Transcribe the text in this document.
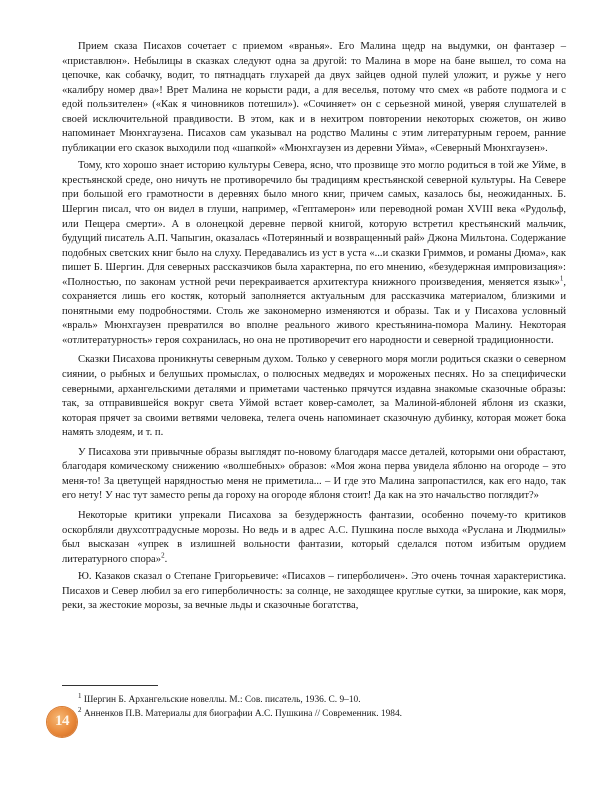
Прием сказа Писахов сочетает с приемом «вранья». Его Малина щедр на выдумки, он фантазер – «приставлюн». Небылицы в сказках следуют одна за другой: то Малина в море на бане вышел, то сома на цепочке, как собачку, водит, то пятнадцать глухарей да двух зайцев одной пулей уложит, и ружье у него «калибру номер два»! Врет Малина не корысти ради, а для веселья, потому что смех «в работе подмога и с едой пользителен» («Как я чиновников потешил»). «Сочиняет» он с серьезной миной, уверяя слушателей в своей исключительной правдивости. В этом, как и в нехитром повторении некоторых сюжетов, он живо напоминает Мюнхгаузена. Писахов сам указывал на родство Малины с этим литературным героем, ранние публикации его сказок выходили под «шапкой» «Мюнхгаузен из деревни Уйма», «Северный Мюнхгаузен».

Тому, кто хорошо знает историю культуры Севера, ясно, что прозвище это могло родиться в той же Уйме, в крестьянской среде, оно ничуть не противоречило бы традициям крестьянской северной культуры. На Севере при большой его грамотности в деревнях было много книг, причем самых, казалось бы, неожиданных. Б. Шергин писал, что он видел в глуши, например, «Гептамерон» или переводной роман XVIII века «Рудольф, или Пещера смерти». А в олонецкой деревне первой книгой, которую встретил крестьянский мальчик, будущий писатель А.П. Чапыгин, оказалась «Потерянный и возвращенный рай» Джона Мильтона. Содержание подобных светских книг было на слуху. Передавались из уст в уста «...и сказки Гриммов, и романы Дюма», как пишет Б. Шергин. Для северных рассказчиков была характерна, по его мнению, «безудержная импровизация»: «Полностью, по законам устной речи перекраивается архитектура книжного произведения, меняется язык»$^1$, сохраняется лишь его костяк, который заполняется актуальным для рассказчика материалом, близкими и понятными ему подробностями. Столь же закономерно изменяются и образы. Так и у Писахова условный «враль» Мюнхгаузен превратился во вполне реального живого крестьянина-помора Малину. Некоторая «отлитературность» героя сохранилась, но она не противоречит его народности и северной традиционности.

Сказки Писахова проникнуты северным духом. Только у северного моря могли родиться сказки о северном сиянии, о рыбных и белушьих промыслах, о полюсных медведях и мороженых песнях. Но за специфически северными, архангельскими деталями и приметами частенько прячутся издавна знакомые сказочные образы: так, за отправившейся вокруг света Уймой встает ковер-самолет, за Малиной-яблоней яблоня из сказки, которая прячет за своими ветвями человека, телега очень напоминает сказочную дубинку, которая может бока намять злодеям, и т. п.

У Писахова эти привычные образы выглядят по-новому благодаря массе деталей, которыми они обрастают, благодаря комическому снижению «волшебных» образов: «Моя жона перва увидела яблоню на огороде – это меня-то! За цветущей нарядностью меня не приметила... – И где это Малина запропастился, как его надо, так его нету! У нас тут заместо репы да гороху на огороде яблоня стоит! Да как на это начальство поглядит?»

Некоторые критики упрекали Писахова за безудержность фантазии, особенно почему-то критиков оскорбляли двухсотградусные морозы. Но ведь и в адрес А.С. Пушкина после выхода «Руслана и Людмилы» был высказан «упрек в излишней вольности фантазии, который сделался потом избитым орудием литературного спора»$^2$.

Ю. Казаков сказал о Степане Григорьевиче: «Писахов – гиперболичен». Это очень точная характеристика. Писахов и Север любил за его гиперболичность: за солнце, не заходящее круглые сутки, за широкие, как моря, реки, за жестокие морозы, за вечные льды и сказочные богатства,

$^1$ Шергин Б. Архангельские новеллы. М.: Сов. писатель, 1936. С. 9–10.

$^2$ Анненков П.В. Материалы для биографии А.С. Пушкина // Современник. 1984.

14
